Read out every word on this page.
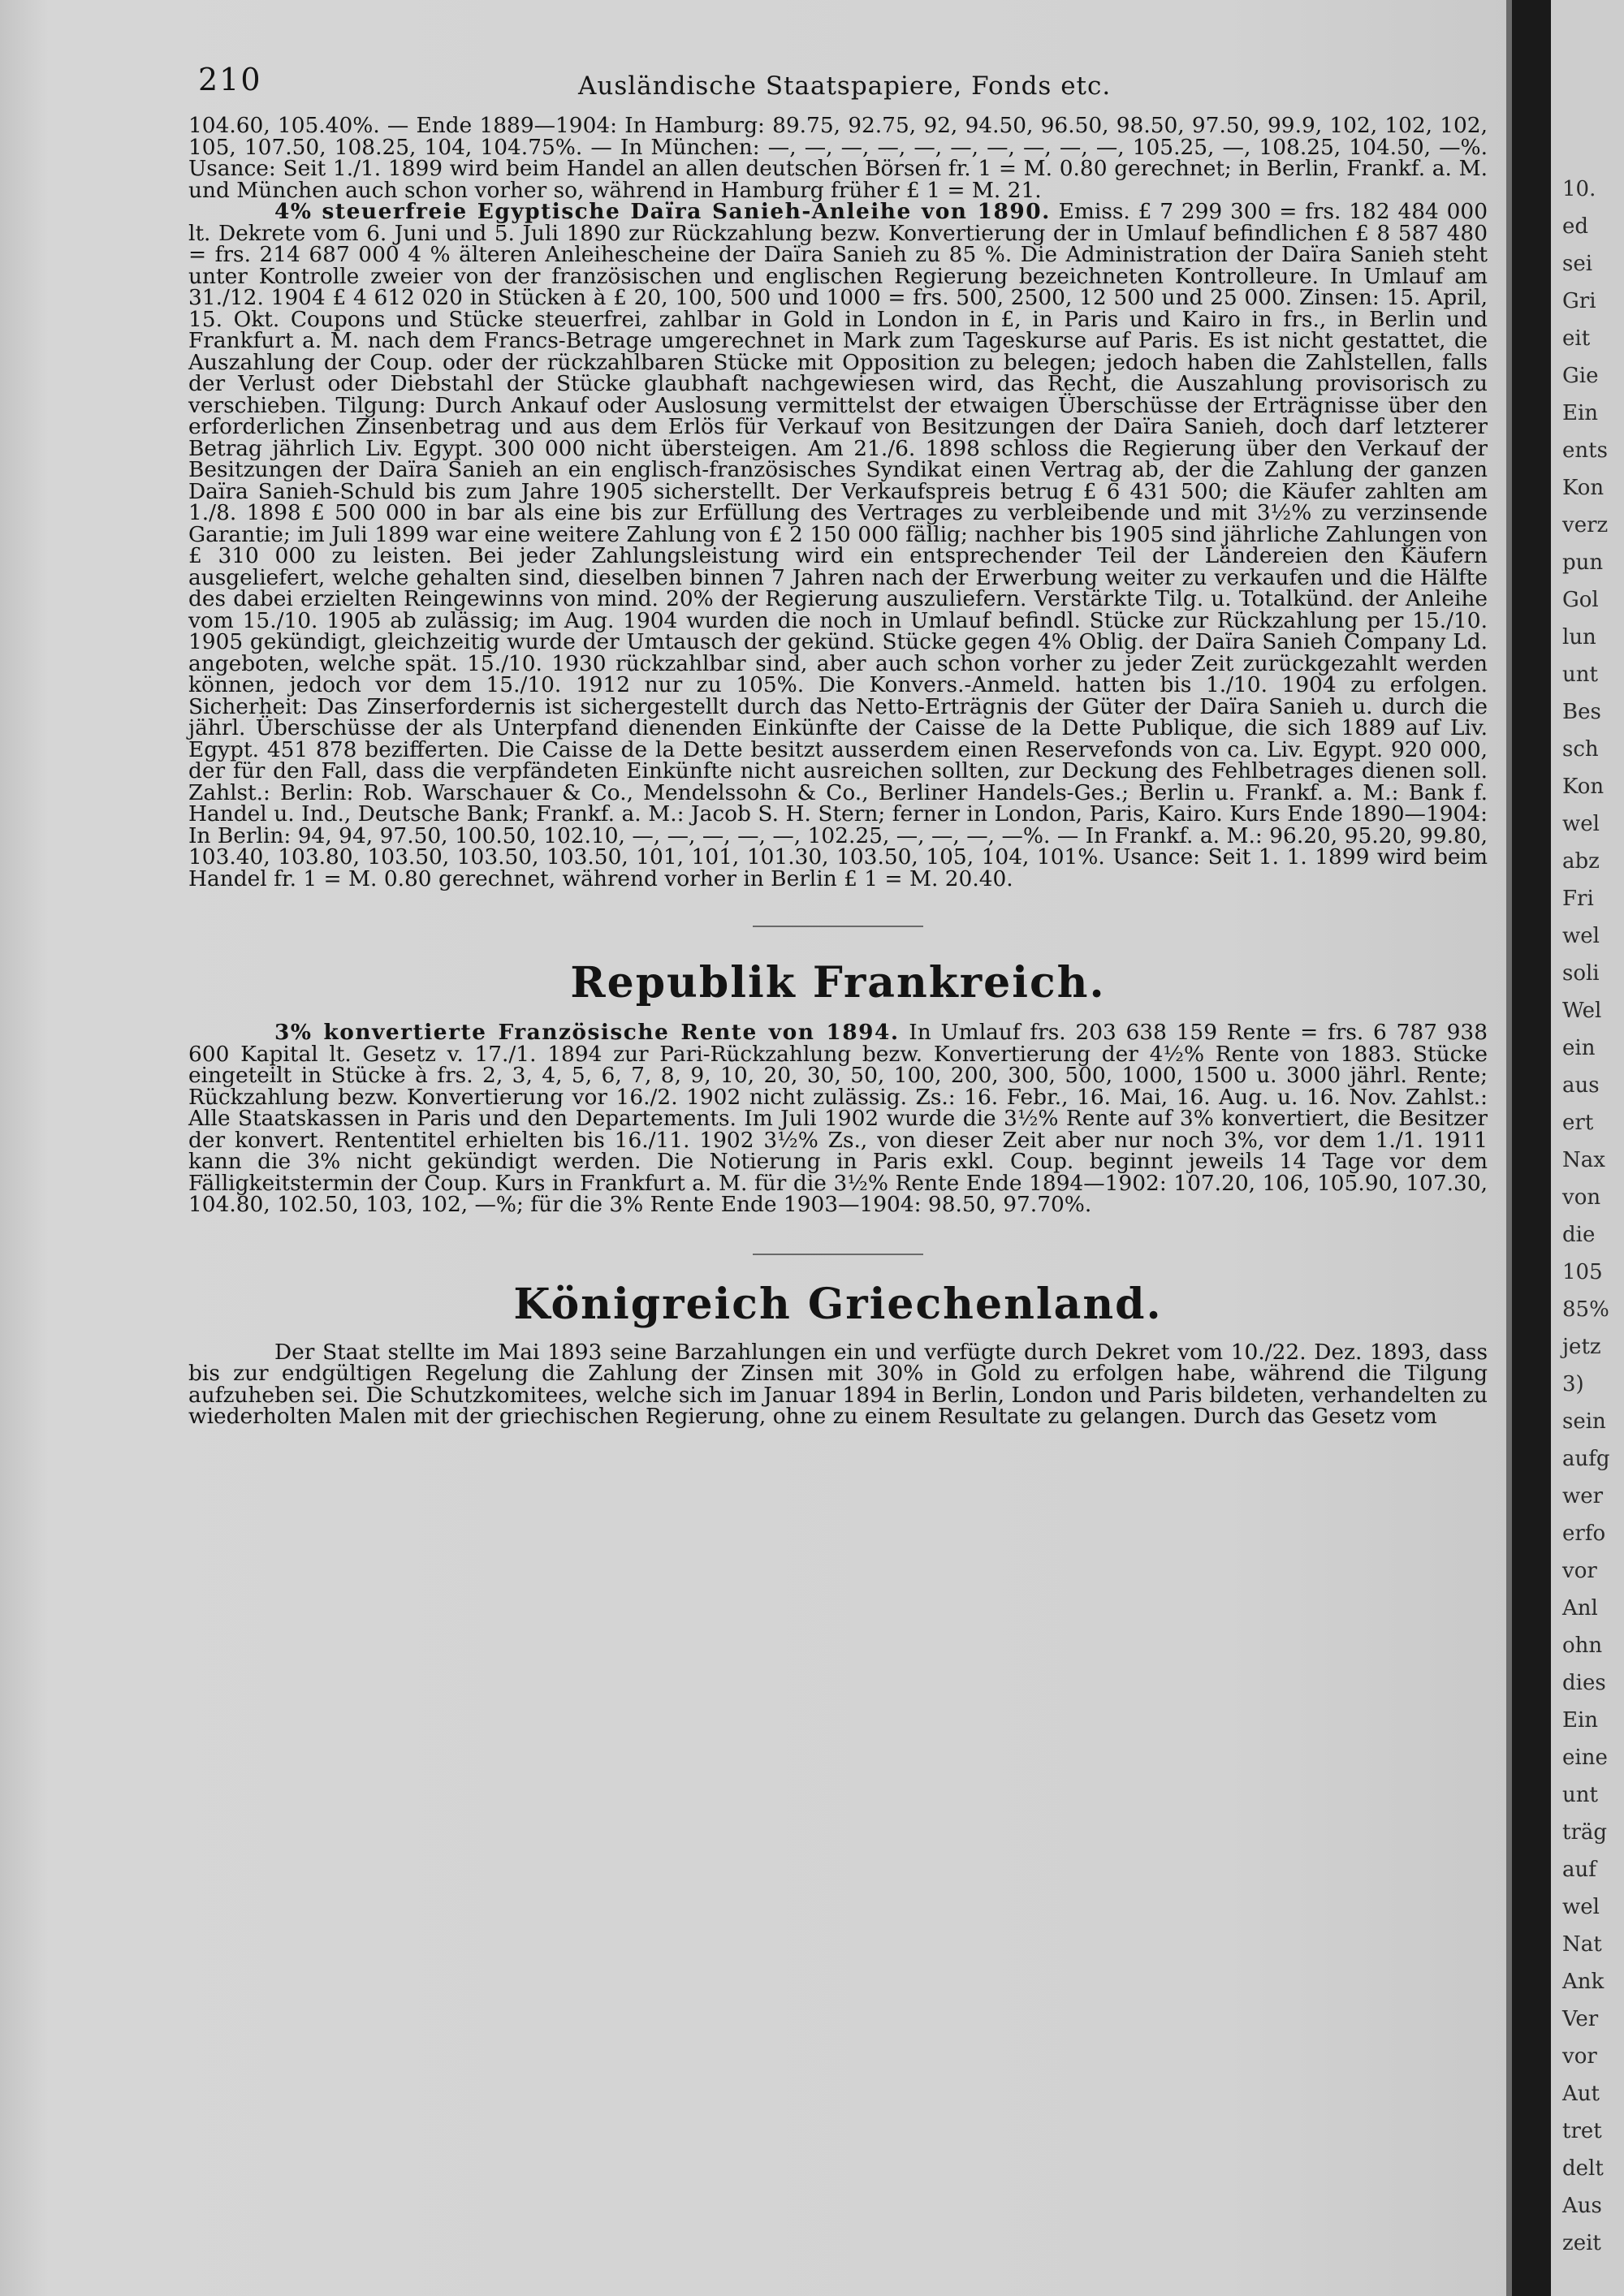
210	Ausländische Staatspapiere, Fonds etc.

104.60, 105.40%. — Ende 1889—1904: In Hamburg: 89.75, 92.75, 92, 94.50, 96.50, 98.50, 97.50, 99.9, 102, 102, 102, 105, 107.50, 108.25, 104, 104.75%. — In München: —, —, —, —, —, —, —, —, —, —, 105.25, —, 108.25, 104.50, —%. Usance: Seit 1./1. 1899 wird beim Handel an allen deutschen Börsen fr. 1 = M. 0.80 gerechnet; in Berlin, Frankf. a. M. und München auch schon vorher so, während in Hamburg früher £ 1 = M. 21.

4% steuerfreie Egyptische Daïra Sanieh-Anleihe von 1890. Emiss. £ 7 299 300 = frs. 182 484 000 lt. Dekrete vom 6. Juni und 5. Juli 1890 zur Rückzahlung bezw. Konvertierung der in Umlauf befindlichen £ 8 587 480 = frs. 214 687 000 4 % älteren Anleihescheine der Daïra Sanieh zu 85 %. Die Administration der Daïra Sanieh steht unter Kontrolle zweier von der französischen und englischen Regierung bezeichneten Kontrolleure. In Umlauf am 31./12. 1904 £ 4 612 020 in Stücken à £ 20, 100, 500 und 1000 = frs. 500, 2500, 12 500 und 25 000. Zinsen: 15. April, 15. Okt. Coupons und Stücke steuerfrei, zahlbar in Gold in London in £, in Paris und Kairo in frs., in Berlin und Frankfurt a. M. nach dem Francs-Betrage umgerechnet in Mark zum Tageskurse auf Paris. Es ist nicht gestattet, die Auszahlung der Coup. oder der rückzahlbaren Stücke mit Opposition zu belegen; jedoch haben die Zahlstellen, falls der Verlust oder Diebstahl der Stücke glaubhaft nachgewiesen wird, das Recht, die Auszahlung provisorisch zu verschieben. Tilgung: Durch Ankauf oder Auslosung vermittelst der etwaigen Überschüsse der Erträgnisse über den erforderlichen Zinsenbetrag und aus dem Erlös für Verkauf von Besitzungen der Daïra Sanieh, doch darf letzterer Betrag jährlich Liv. Egypt. 300 000 nicht übersteigen. Am 21./6. 1898 schloss die Regierung über den Verkauf der Besitzungen der Daïra Sanieh an ein englisch-französisches Syndikat einen Vertrag ab, der die Zahlung der ganzen Daïra Sanieh-Schuld bis zum Jahre 1905 sicherstellt. Der Verkaufspreis betrug £ 6 431 500; die Käufer zahlten am 1./8. 1898 £ 500 000 in bar als eine bis zur Erfüllung des Vertrages zu verbleibende und mit 3½% zu verzinsende Garantie; im Juli 1899 war eine weitere Zahlung von £ 2 150 000 fällig; nachher bis 1905 sind jährliche Zahlungen von £ 310 000 zu leisten. Bei jeder Zahlungsleistung wird ein entsprechender Teil der Ländereien den Käufern ausgeliefert, welche gehalten sind, dieselben binnen 7 Jahren nach der Erwerbung weiter zu verkaufen und die Hälfte des dabei erzielten Reingewinns von mind. 20% der Regierung auszuliefern. Verstärkte Tilg. u. Totalkünd. der Anleihe vom 15./10. 1905 ab zulässig; im Aug. 1904 wurden die noch in Umlauf befindl. Stücke zur Rückzahlung per 15./10. 1905 gekündigt, gleichzeitig wurde der Umtausch der gekünd. Stücke gegen 4% Oblig. der Daïra Sanieh Company Ld. angeboten, welche spät. 15./10. 1930 rückzahlbar sind, aber auch schon vorher zu jeder Zeit zurückgezahlt werden können, jedoch vor dem 15./10. 1912 nur zu 105%. Die Konvers.-Anmeld. hatten bis 1./10. 1904 zu erfolgen. Sicherheit: Das Zinserfordernis ist sichergestellt durch das Netto-Erträgnis der Güter der Daïra Sanieh u. durch die jährl. Überschüsse der als Unterpfand dienenden Einkünfte der Caisse de la Dette Publique, die sich 1889 auf Liv. Egypt. 451 878 bezifferten. Die Caisse de la Dette besitzt ausserdem einen Reservefonds von ca. Liv. Egypt. 920 000, der für den Fall, dass die verpfändeten Einkünfte nicht ausreichen sollten, zur Deckung des Fehlbetrages dienen soll. Zahlst.: Berlin: Rob. Warschauer & Co., Mendelssohn & Co., Berliner Handels-Ges.; Berlin u. Frankf. a. M.: Bank f. Handel u. Ind., Deutsche Bank; Frankf. a. M.: Jacob S. H. Stern; ferner in London, Paris, Kairo. Kurs Ende 1890—1904: In Berlin: 94, 94, 97.50, 100.50, 102.10, —, —, —, —, —, 102.25, —, —, —, —%. — In Frankf. a. M.: 96.20, 95.20, 99.80, 103.40, 103.80, 103.50, 103.50, 103.50, 101, 101, 101.30, 103.50, 105, 104, 101%. Usance: Seit 1. 1. 1899 wird beim Handel fr. 1 = M. 0.80 gerechnet, während vorher in Berlin £ 1 = M. 20.40.

Republik Frankreich.

3% konvertierte Französische Rente von 1894. In Umlauf frs. 203 638 159 Rente = frs. 6 787 938 600 Kapital lt. Gesetz v. 17./1. 1894 zur Pari-Rückzahlung bezw. Konvertierung der 4½% Rente von 1883. Stücke eingeteilt in Stücke à frs. 2, 3, 4, 5, 6, 7, 8, 9, 10, 20, 30, 50, 100, 200, 300, 500, 1000, 1500 u. 3000 jährl. Rente; Rückzahlung bezw. Konvertierung vor 16./2. 1902 nicht zulässig. Zs.: 16. Febr., 16. Mai, 16. Aug. u. 16. Nov. Zahlst.: Alle Staatskassen in Paris und den Departements. Im Juli 1902 wurde die 3½% Rente auf 3% konvertiert, die Besitzer der konvert. Rententitel erhielten bis 16./11. 1902 3½% Zs., von dieser Zeit aber nur noch 3%, vor dem 1./1. 1911 kann die 3% nicht gekündigt werden. Die Notierung in Paris exkl. Coup. beginnt jeweils 14 Tage vor dem Fälligkeitstermin der Coup. Kurs in Frankfurt a. M. für die 3½% Rente Ende 1894—1902: 107.20, 106, 105.90, 107.30, 104.80, 102.50, 103, 102, —%; für die 3% Rente Ende 1903—1904: 98.50, 97.70%.

Königreich Griechenland.

Der Staat stellte im Mai 1893 seine Barzahlungen ein und verfügte durch Dekret vom 10./22. Dez. 1893, dass bis zur endgültigen Regelung die Zahlung der Zinsen mit 30% in Gold zu erfolgen habe, während die Tilgung aufzuheben sei. Die Schutzkomitees, welche sich im Januar 1894 in Berlin, London und Paris bildeten, verhandelten zu wiederholten Malen mit der griechischen Regierung, ohne zu einem Resultate zu gelangen. Durch das Gesetz vom

10.
ed
sei
Gri
eit
Gie
Ein
ents
Kon
verz
pun
Gol
lun
unt
Bes
sch
Kon
wel
abz
Fri
wel
soli
Wel
ein
aus
ert
Nax
von
die
105
85%
jetz
3)
sein
aufg
wer
erfo
vor
Anl
ohn
dies
Ein
eine
unt
träg
auf
wel
Nat
Ank
Ver
vor
Aut
tret
delt
Aus
zeit
